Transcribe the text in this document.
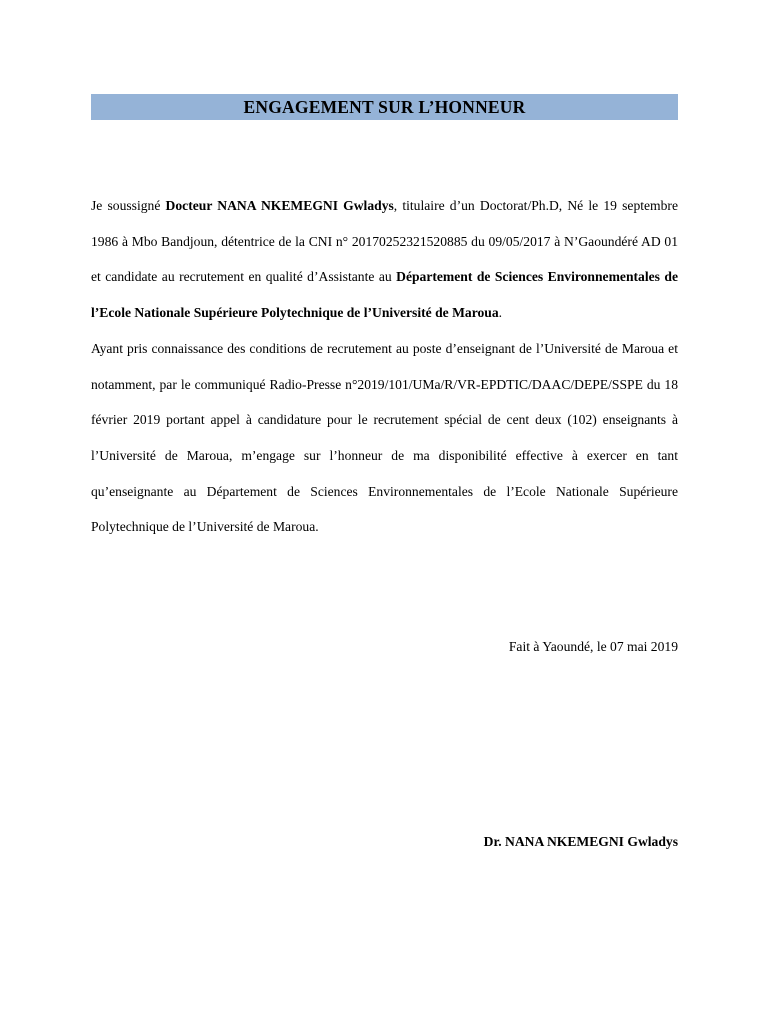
ENGAGEMENT SUR L’HONNEUR

Je soussigné Docteur NANA NKEMEGNI Gwladys, titulaire d’un Doctorat/Ph.D, Né le 19 septembre 1986 à Mbo Bandjoun, détentrice de la CNI n° 20170252321520885 du 09/05/2017 à N’Gaoundéré AD 01 et candidate au recrutement en qualité d’Assistante au Département de Sciences Environnementales de l’Ecole Nationale Supérieure Polytechnique de l’Université de Maroua.

Ayant pris connaissance des conditions de recrutement au poste d’enseignant de l’Université de Maroua et notamment, par le communiqué Radio-Presse n°2019/101/UMa/R/VR-EPDTIC/DAAC/DEPE/SSPE du 18 février 2019 portant appel à candidature pour le recrutement spécial de cent deux (102) enseignants à l’Université de Maroua, m’engage sur l’honneur de ma disponibilité effective à exercer en tant qu’enseignante au Département de Sciences Environnementales de l’Ecole Nationale Supérieure Polytechnique de l’Université de Maroua.

Fait à Yaoundé, le 07 mai 2019
Dr. NANA NKEMEGNI Gwladys
